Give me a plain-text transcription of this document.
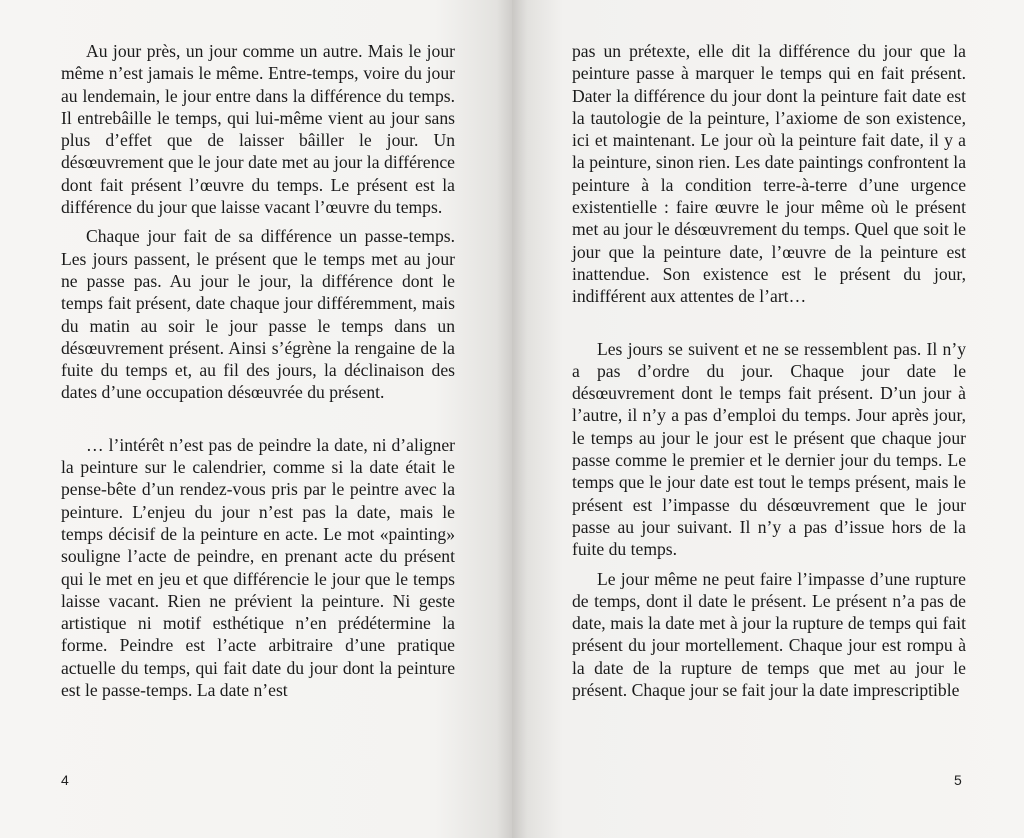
Au jour près, un jour comme un autre. Mais le jour même n’est jamais le même. Entre-temps, voire du jour au lendemain, le jour entre dans la différence du temps. Il entrebâille le temps, qui lui-même vient au jour sans plus d’effet que de laisser bâiller le jour. Un désœuvrement que le jour date met au jour la différence dont fait présent l’œuvre du temps. Le présent est la différence du jour que laisse vacant l’œuvre du temps.

Chaque jour fait de sa différence un passe-temps. Les jours passent, le présent que le temps met au jour ne passe pas. Au jour le jour, la différence dont le temps fait présent, date chaque jour différemment, mais du matin au soir le jour passe le temps dans un désœuvrement présent. Ainsi s’égrène la rengaine de la fuite du temps et, au fil des jours, la déclinaison des dates d’une occupation désœuvrée du présent.

… l’intérêt n’est pas de peindre la date, ni d’aligner la peinture sur le calendrier, comme si la date était le pense-bête d’un rendez-vous pris par le peintre avec la peinture. L’enjeu du jour n’est pas la date, mais le temps décisif de la peinture en acte. Le mot «painting» souligne l’acte de peindre, en prenant acte du présent qui le met en jeu et que différencie le jour que le temps laisse vacant. Rien ne prévient la peinture. Ni geste artistique ni motif esthétique n’en prédétermine la forme. Peindre est l’acte arbitraire d’une pratique actuelle du temps, qui fait date du jour dont la peinture est le passe-temps. La date n’est

4

pas un prétexte, elle dit la différence du jour que la peinture passe à marquer le temps qui en fait présent. Dater la différence du jour dont la peinture fait date est la tautologie de la peinture, l’axiome de son existence, ici et maintenant. Le jour où la peinture fait date, il y a la peinture, sinon rien. Les date paintings confrontent la peinture à la condition terre-à-terre d’une urgence existentielle : faire œuvre le jour même où le présent met au jour le désœuvrement du temps. Quel que soit le jour que la peinture date, l’œuvre de la peinture est inattendue. Son existence est le présent du jour, indifférent aux attentes de l’art…

Les jours se suivent et ne se ressemblent pas. Il n’y a pas d’ordre du jour. Chaque jour date le désœuvrement dont le temps fait présent. D’un jour à l’autre, il n’y a pas d’emploi du temps. Jour après jour, le temps au jour le jour est le présent que chaque jour passe comme le premier et le dernier jour du temps. Le temps que le jour date est tout le temps présent, mais le présent est l’impasse du désœuvrement que le jour passe au jour suivant. Il n’y a pas d’issue hors de la fuite du temps.

Le jour même ne peut faire l’impasse d’une rupture de temps, dont il date le présent. Le présent n’a pas de date, mais la date met à jour la rupture de temps qui fait présent du jour mortellement. Chaque jour est rompu à la date de la rupture de temps que met au jour le présent. Chaque jour se fait jour la date imprescriptible

5
